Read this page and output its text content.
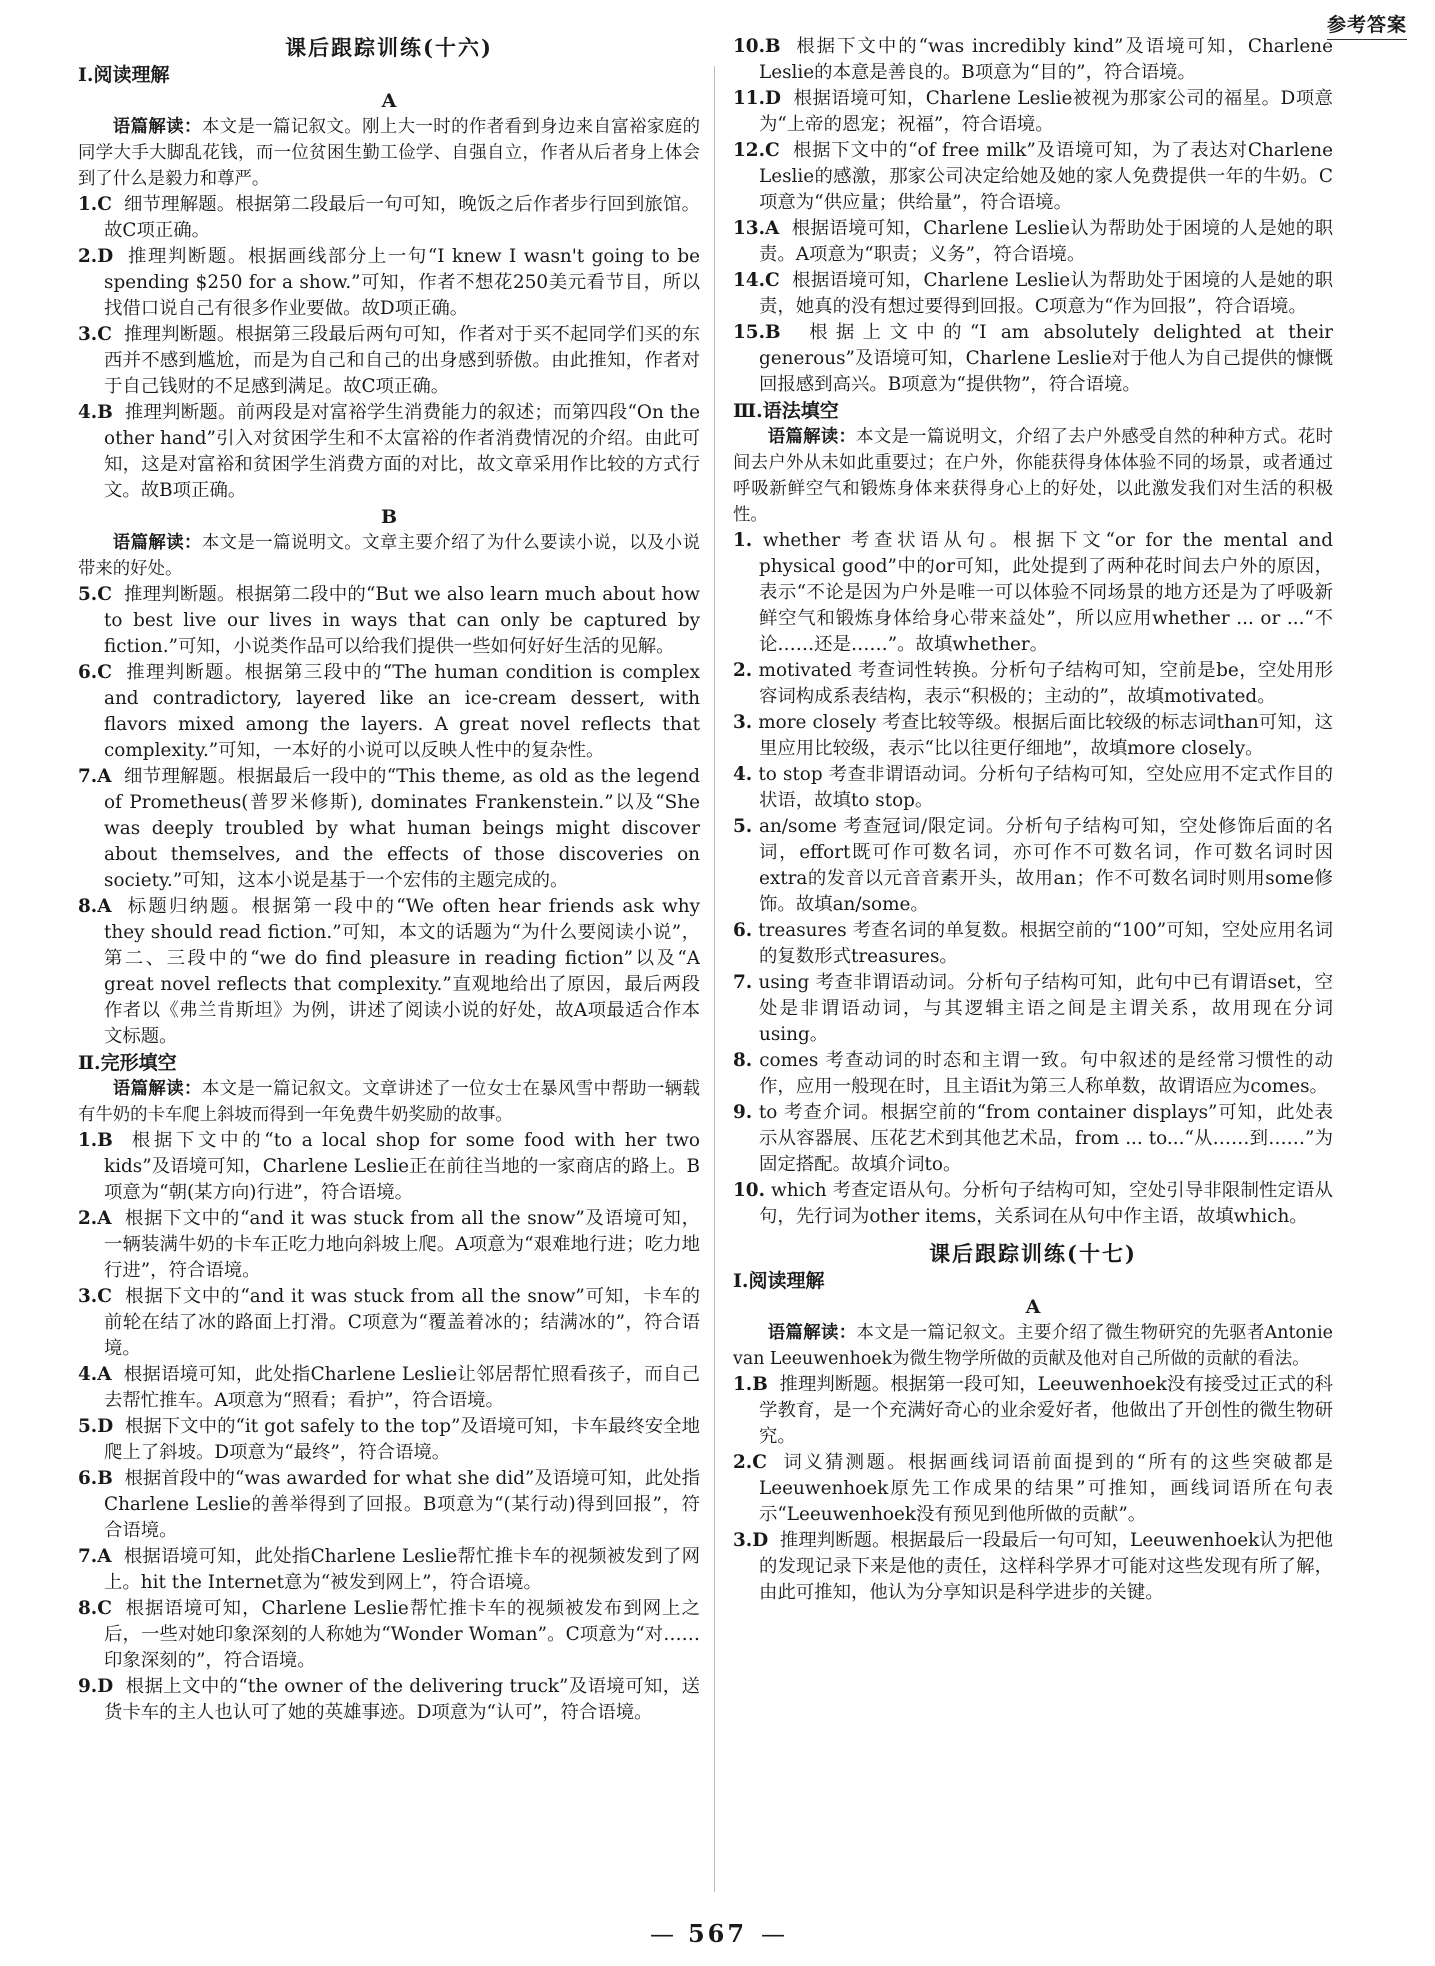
参考答案
课后跟踪训练(十六)

Ⅰ.阅读理解

A

语篇解读：本文是一篇记叙文。刚上大一时的作者看到身边来自富裕家庭的同学大手大脚乱花钱，而一位贫困生勤工俭学、自强自立，作者从后者身上体会到了什么是毅力和尊严。

1.C 细节理解题。根据第二段最后一句可知，晚饭之后作者步行回到旅馆。故C项正确。

2.D 推理判断题。根据画线部分上一句“I knew I wasn't going to be spending $250 for a show.”可知，作者不想花250美元看节目，所以找借口说自己有很多作业要做。故D项正确。

3.C 推理判断题。根据第三段最后两句可知，作者对于买不起同学们买的东西并不感到尴尬，而是为自己和自己的出身感到骄傲。由此推知，作者对于自己钱财的不足感到满足。故C项正确。

4.B 推理判断题。前两段是对富裕学生消费能力的叙述；而第四段“On the other hand”引入对贫困学生和不太富裕的作者消费情况的介绍。由此可知，这是对富裕和贫困学生消费方面的对比，故文章采用作比较的方式行文。故B项正确。

B

语篇解读：本文是一篇说明文。文章主要介绍了为什么要读小说，以及小说带来的好处。

5.C 推理判断题。根据第二段中的“But we also learn much about how to best live our lives in ways that can only be captured by fiction.”可知，小说类作品可以给我们提供一些如何好好生活的见解。

6.C 推理判断题。根据第三段中的“The human condition is complex and contradictory, layered like an ice-cream dessert, with flavors mixed among the layers. A great novel reflects that complexity.”可知，一本好的小说可以反映人性中的复杂性。

7.A 细节理解题。根据最后一段中的“This theme, as old as the legend of Prometheus(普罗米修斯), dominates Frankenstein.”以及“She was deeply troubled by what human beings might discover about themselves, and the effects of those discoveries on society.”可知，这本小说是基于一个宏伟的主题完成的。

8.A 标题归纳题。根据第一段中的“We often hear friends ask why they should read fiction.”可知，本文的话题为“为什么要阅读小说”，第二、三段中的“we do find pleasure in reading fiction”以及“A great novel reflects that complexity.”直观地给出了原因，最后两段作者以《弗兰肯斯坦》为例，讲述了阅读小说的好处，故A项最适合作本文标题。

Ⅱ.完形填空

语篇解读：本文是一篇记叙文。文章讲述了一位女士在暴风雪中帮助一辆载有牛奶的卡车爬上斜坡而得到一年免费牛奶奖励的故事。

1.B 根据下文中的“to a local shop for some food with her two kids”及语境可知，Charlene Leslie正在前往当地的一家商店的路上。B项意为“朝(某方向)行进”，符合语境。

2.A 根据下文中的“and it was stuck from all the snow”及语境可知，一辆装满牛奶的卡车正吃力地向斜坡上爬。A项意为“艰难地行进；吃力地行进”，符合语境。

3.C 根据下文中的“and it was stuck from all the snow”可知，卡车的前轮在结了冰的路面上打滑。C项意为“覆盖着冰的；结满冰的”，符合语境。

4.A 根据语境可知，此处指Charlene Leslie让邻居帮忙照看孩子，而自己去帮忙推车。A项意为“照看；看护”，符合语境。

5.D 根据下文中的“it got safely to the top”及语境可知，卡车最终安全地爬上了斜坡。D项意为“最终”，符合语境。

6.B 根据首段中的“was awarded for what she did”及语境可知，此处指Charlene Leslie的善举得到了回报。B项意为“(某行动)得到回报”，符合语境。

7.A 根据语境可知，此处指Charlene Leslie帮忙推卡车的视频被发到了网上。hit the Internet意为“被发到网上”，符合语境。

8.C 根据语境可知，Charlene Leslie帮忙推卡车的视频被发布到网上之后，一些对她印象深刻的人称她为“Wonder Woman”。C项意为“对……印象深刻的”，符合语境。

9.D 根据上文中的“the owner of the delivering truck”及语境可知，送货卡车的主人也认可了她的英雄事迹。D项意为“认可”，符合语境。

10.B 根据下文中的“was incredibly kind”及语境可知，Charlene Leslie的本意是善良的。B项意为“目的”，符合语境。

11.D 根据语境可知，Charlene Leslie被视为那家公司的福星。D项意为“上帝的恩宠；祝福”，符合语境。

12.C 根据下文中的“of free milk”及语境可知，为了表达对Charlene Leslie的感激，那家公司决定给她及她的家人免费提供一年的牛奶。C项意为“供应量；供给量”，符合语境。

13.A 根据语境可知，Charlene Leslie认为帮助处于困境的人是她的职责。A项意为“职责；义务”，符合语境。

14.C 根据语境可知，Charlene Leslie认为帮助处于困境的人是她的职责，她真的没有想过要得到回报。C项意为“作为回报”，符合语境。

15.B 根据上文中的“I am absolutely delighted at their generous”及语境可知，Charlene Leslie对于他人为自己提供的慷慨回报感到高兴。B项意为“提供物”，符合语境。

Ⅲ.语法填空

语篇解读：本文是一篇说明文，介绍了去户外感受自然的种种方式。花时间去户外从未如此重要过；在户外，你能获得身体体验不同的场景，或者通过呼吸新鲜空气和锻炼身体来获得身心上的好处，以此激发我们对生活的积极性。

1. whether 考查状语从句。根据下文“or for the mental and physical good”中的or可知，此处提到了两种花时间去户外的原因，表示“不论是因为户外是唯一可以体验不同场景的地方还是为了呼吸新鲜空气和锻炼身体给身心带来益处”，所以应用whether ... or ...“不论……还是……”。故填whether。

2. motivated 考查词性转换。分析句子结构可知，空前是be，空处用形容词构成系表结构，表示“积极的；主动的”，故填motivated。

3. more closely 考查比较等级。根据后面比较级的标志词than可知，这里应用比较级，表示“比以往更仔细地”，故填more closely。

4. to stop 考查非谓语动词。分析句子结构可知，空处应用不定式作目的状语，故填to stop。

5. an/some 考查冠词/限定词。分析句子结构可知，空处修饰后面的名词，effort既可作可数名词，亦可作不可数名词，作可数名词时因extra的发音以元音音素开头，故用an；作不可数名词时则用some修饰。故填an/some。

6. treasures 考查名词的单复数。根据空前的“100”可知，空处应用名词的复数形式treasures。

7. using 考查非谓语动词。分析句子结构可知，此句中已有谓语set，空处是非谓语动词，与其逻辑主语之间是主谓关系，故用现在分词using。

8. comes 考查动词的时态和主谓一致。句中叙述的是经常习惯性的动作，应用一般现在时，且主语it为第三人称单数，故谓语应为comes。

9. to 考查介词。根据空前的“from container displays”可知，此处表示从容器展、压花艺术到其他艺术品，from ... to...“从……到……”为固定搭配。故填介词to。

10. which 考查定语从句。分析句子结构可知，空处引导非限制性定语从句，先行词为other items，关系词在从句中作主语，故填which。

课后跟踪训练(十七)

Ⅰ.阅读理解

A

语篇解读：本文是一篇记叙文。主要介绍了微生物研究的先驱者Antonie van Leeuwenhoek为微生物学所做的贡献及他对自己所做的贡献的看法。

1.B 推理判断题。根据第一段可知，Leeuwenhoek没有接受过正式的科学教育，是一个充满好奇心的业余爱好者，他做出了开创性的微生物研究。

2.C 词义猜测题。根据画线词语前面提到的“所有的这些突破都是Leeuwenhoek原先工作成果的结果”可推知，画线词语所在句表示“Leeuwenhoek没有预见到他所做的贡献”。

3.D 推理判断题。根据最后一段最后一句可知，Leeuwenhoek认为把他的发现记录下来是他的责任，这样科学界才可能对这些发现有所了解，由此可推知，他认为分享知识是科学进步的关键。

— 567 —
